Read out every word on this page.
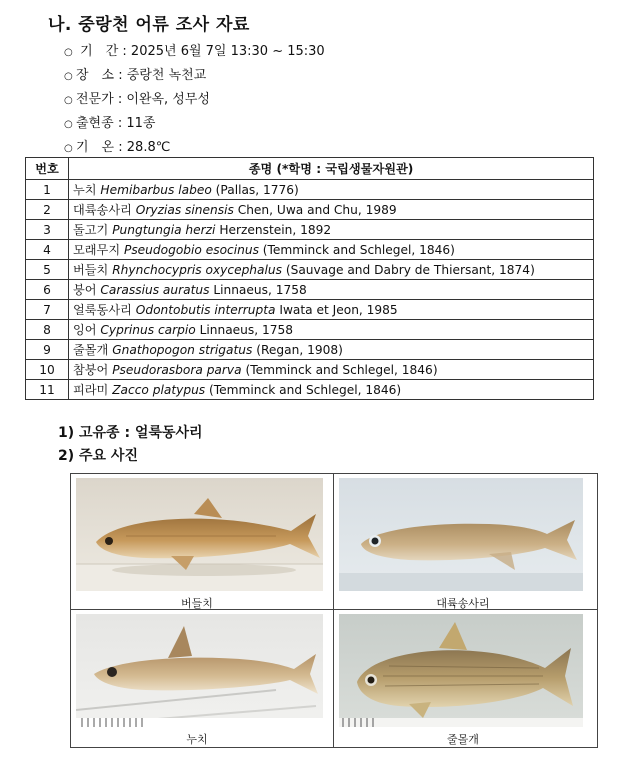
나. 중랑천 어류 조사 자료
○ 기　간 : 2025년 6월 7일 13:30 ~ 15:30
○ 장　소 : 중랑천 녹천교
○ 전문가 : 이완옥, 성무성
○ 출현종 : 11종
○ 기　온 : 28.8℃
번호	종명 (*학명 : 국립생물자원관)
1	누치 Hemibarbus labeo (Pallas, 1776)
2	대륙송사리 Oryzias sinensis Chen, Uwa and Chu, 1989
3	돌고기 Pungtungia herzi Herzenstein, 1892
4	모래무지 Pseudogobio esocinus (Temminck and Schlegel, 1846)
5	버들치 Rhynchocypris oxycephalus (Sauvage and Dabry de Thiersant, 1874)
6	붕어 Carassius auratus Linnaeus, 1758
7	얼룩동사리 Odontobutis interrupta Iwata et Jeon, 1985
8	잉어 Cyprinus carpio Linnaeus, 1758
9	줄몰개 Gnathopogon strigatus (Regan, 1908)
10	참붕어 Pseudorasbora parva (Temminck and Schlegel, 1846)
11	피라미 Zacco platypus (Temminck and Schlegel, 1846)
1) 고유종 : 얼룩동사리
2) 주요 사진
버들치	대륙송사리
누치	줄몰개
